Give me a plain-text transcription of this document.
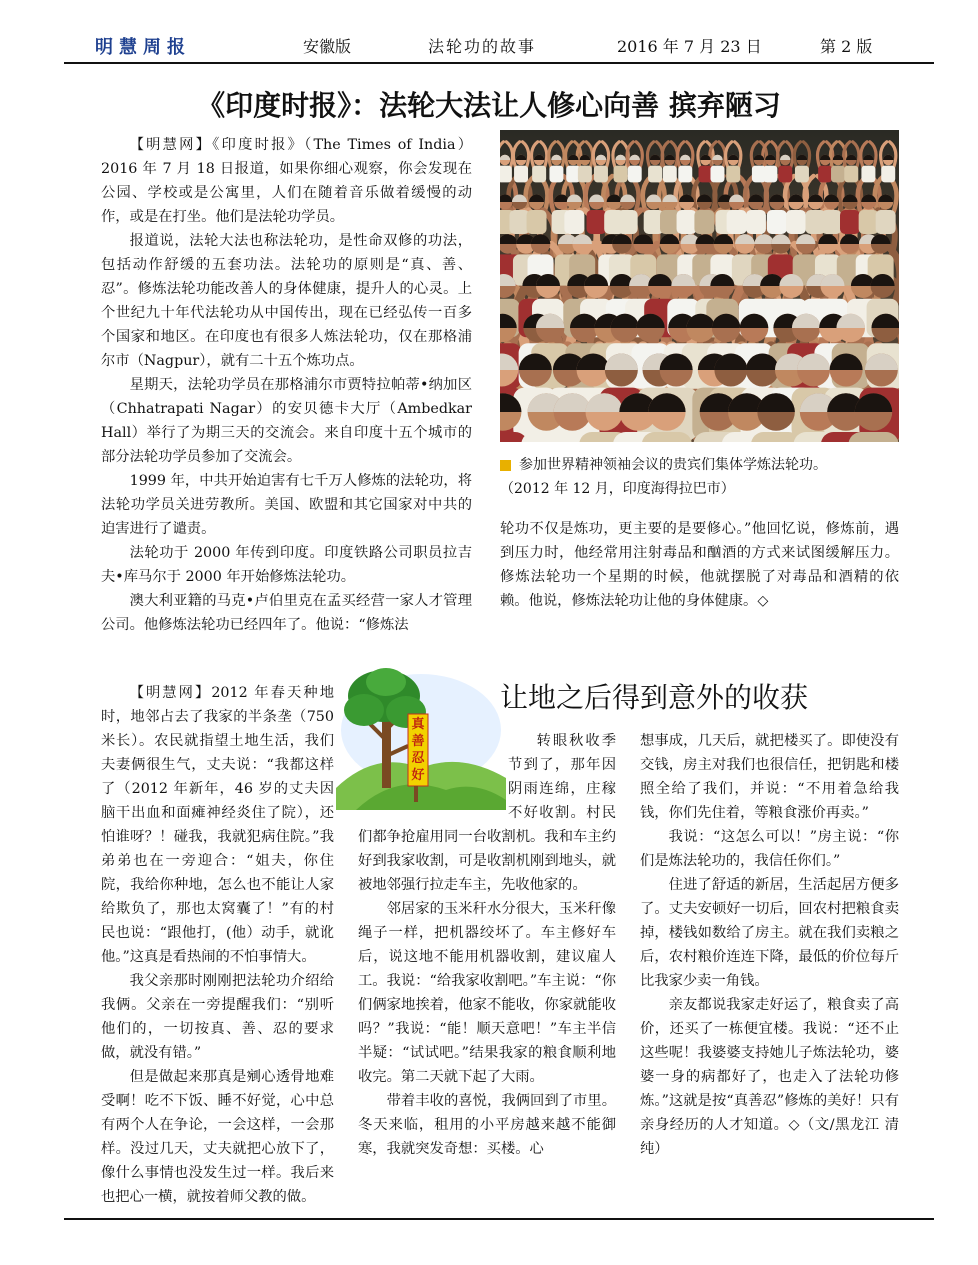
明慧周报	安徽版	法轮功的故事	2016 年 7 月 23 日	第 2 版
《印度时报》：法轮大法让人修心向善 摈弃陋习

【明慧网】《印度时报》（The Times of India）2016 年 7 月 18 日报道，如果你细心观察，你会发现在公园、学校或是公寓里，人们在随着音乐做着缓慢的动作，或是在打坐。他们是法轮功学员。

报道说，法轮大法也称法轮功，是性命双修的功法，包括动作舒缓的五套功法。法轮功的原则是“真、善、忍”。修炼法轮功能改善人的身体健康，提升人的心灵。上个世纪九十年代法轮功从中国传出，现在已经弘传一百多个国家和地区。在印度也有很多人炼法轮功，仅在那格浦尔市（Nagpur），就有二十五个炼功点。

星期天，法轮功学员在那格浦尔市贾特拉帕蒂•纳加区（Chhatrapati Nagar）的安贝德卡大厅（Ambedkar Hall）举行了为期三天的交流会。来自印度十五个城市的部分法轮功学员参加了交流会。

1999 年，中共开始迫害有七千万人修炼的法轮功，将法轮功学员关进劳教所。美国、欧盟和其它国家对中共的迫害进行了谴责。

法轮功于 2000 年传到印度。印度铁路公司职员拉吉夫•库马尔于 2000 年开始修炼法轮功。

澳大利亚籍的马克•卢伯里克在孟买经营一家人才管理公司。他修炼法轮功已经四年了。他说：“修炼法

参加世界精神领袖会议的贵宾们集体学炼法轮功。
（2012 年 12 月，印度海得拉巴市）

轮功不仅是炼功，更主要的是要修心。”他回忆说，修炼前，遇到压力时，他经常用注射毒品和酗酒的方式来试图缓解压力。修炼法轮功一个星期的时候，他就摆脱了对毒品和酒精的依赖。他说，修炼法轮功让他的身体健康。◇

让地之后得到意外的收获
真善忍好

【明慧网】2012 年春天种地时，地邻占去了我家的半条垄（750 米长）。农民就指望土地生活，我们夫妻俩很生气，丈夫说：“我都这样了（2012 年新年，46 岁的丈夫因脑干出血和面瘫神经炎住了院），还怕谁呀？！碰我，我就犯病住院。”我弟弟也在一旁迎合：“姐夫，你住院，我给你种地，怎么也不能让人家给欺负了，那也太窝囊了！”有的村民也说：“跟他打，(他）动手，就讹他。”这真是看热闹的不怕事情大。

我父亲那时刚刚把法轮功介绍给我俩。父亲在一旁提醒我们：“别听他们的，一切按真、善、忍的要求做，就没有错。”

但是做起来那真是剜心透骨地难受啊！吃不下饭、睡不好觉，心中总有两个人在争论，一会这样，一会那样。没过几天，丈夫就把心放下了，像什么事情也没发生过一样。我后来也把心一横，就按着师父教的做。

转眼秋收季节到了，那年因阴雨连绵，庄稼不好收割。村民们都争抢雇用同一台收割机。我和车主约好到我家收割，可是收割机刚到地头，就被地邻强行拉走车主，先收他家的。

邻居家的玉米秆水分很大，玉米秆像绳子一样，把机器绞坏了。车主修好车后，说这地不能用机器收割，建议雇人工。我说：“给我家收割吧。”车主说：“你们俩家地挨着，他家不能收，你家就能收吗？”我说：“能！顺天意吧！”车主半信半疑：“试试吧。”结果我家的粮食顺利地收完。第二天就下起了大雨。

带着丰收的喜悦，我俩回到了市里。冬天来临，租用的小平房越来越不能御寒，我就突发奇想：买楼。心

想事成，几天后，就把楼买了。即使没有交钱，房主对我们也很信任，把钥匙和楼照全给了我们，并说：“不用着急给我钱，你们先住着，等粮食涨价再卖。”

我说：“这怎么可以！”房主说：“你们是炼法轮功的，我信任你们。”

住进了舒适的新居，生活起居方便多了。丈夫安顿好一切后，回农村把粮食卖掉，楼钱如数给了房主。就在我们卖粮之后，农村粮价连连下降，最低的价位每斤比我家少卖一角钱。

亲友都说我家走好运了，粮食卖了高价，还买了一栋便宜楼。我说：“还不止这些呢！我婆婆支持她儿子炼法轮功，婆婆一身的病都好了，也走入了法轮功修炼。”这就是按“真善忍”修炼的美好！只有亲身经历的人才知道。◇（文/黑龙江 清纯）
